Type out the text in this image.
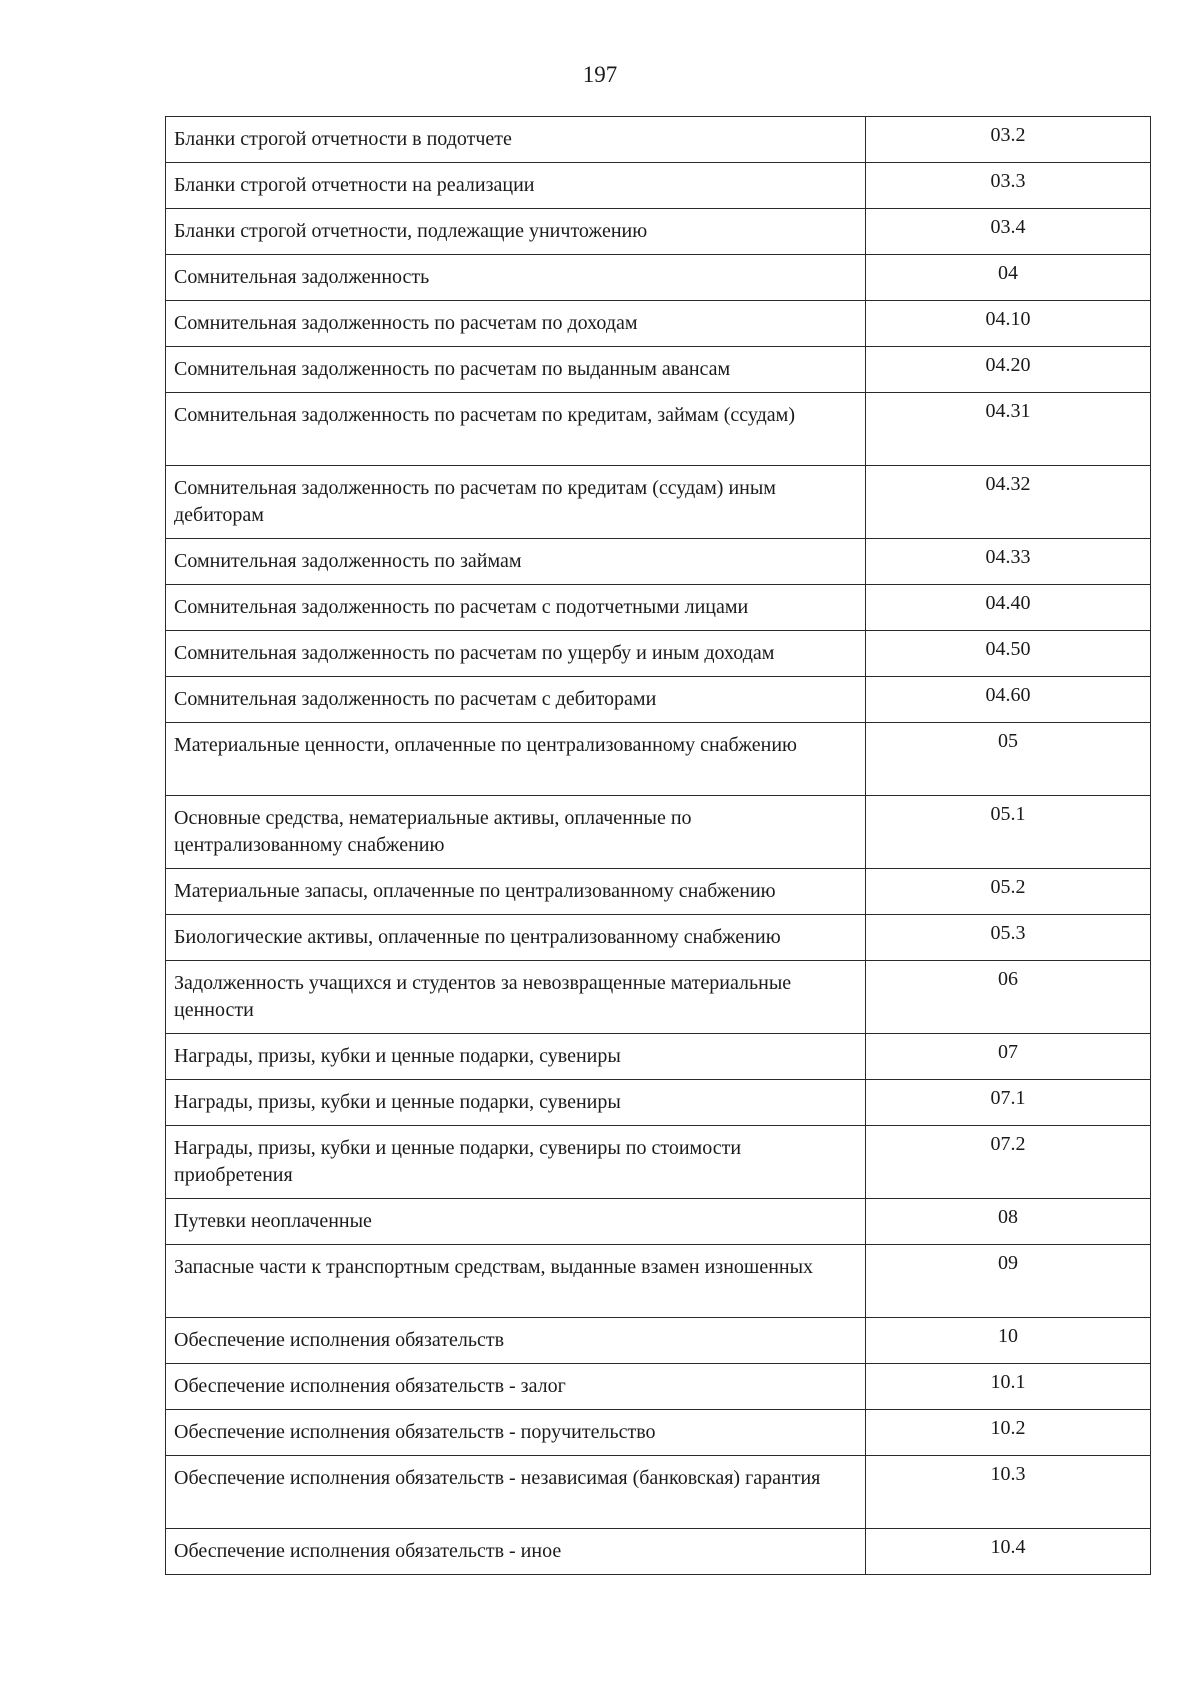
197
Бланки строгой отчетности в подотчете	03.2
Бланки строгой отчетности на реализации	03.3
Бланки строгой отчетности, подлежащие уничтожению	03.4
Сомнительная задолженность	04
Сомнительная задолженность по расчетам по доходам	04.10
Сомнительная задолженность по расчетам по выданным авансам	04.20
Сомнительная задолженность по расчетам по кредитам, займам (ссудам)	04.31
Сомнительная задолженность по расчетам по кредитам (ссудам) иным дебиторам	04.32
Сомнительная задолженность по займам	04.33
Сомнительная задолженность по расчетам с подотчетными лицами	04.40
Сомнительная задолженность по расчетам по ущербу и иным доходам	04.50
Сомнительная задолженность по расчетам с дебиторами	04.60
Материальные ценности, оплаченные по централизованному снабжению	05
Основные средства, нематериальные активы, оплаченные по централизованному снабжению	05.1
Материальные запасы, оплаченные по централизованному снабжению	05.2
Биологические активы, оплаченные по централизованному снабжению	05.3
Задолженность учащихся и студентов за невозвращенные материальные ценности	06
Награды, призы, кубки и ценные подарки, сувениры	07
Награды, призы, кубки и ценные подарки, сувениры	07.1
Награды, призы, кубки и ценные подарки, сувениры по стоимости приобретения	07.2
Путевки неоплаченные	08
Запасные части к транспортным средствам, выданные взамен изношенных	09
Обеспечение исполнения обязательств	10
Обеспечение исполнения обязательств - залог	10.1
Обеспечение исполнения обязательств - поручительство	10.2
Обеспечение исполнения обязательств - независимая (банковская) гарантия	10.3
Обеспечение исполнения обязательств - иное	10.4
